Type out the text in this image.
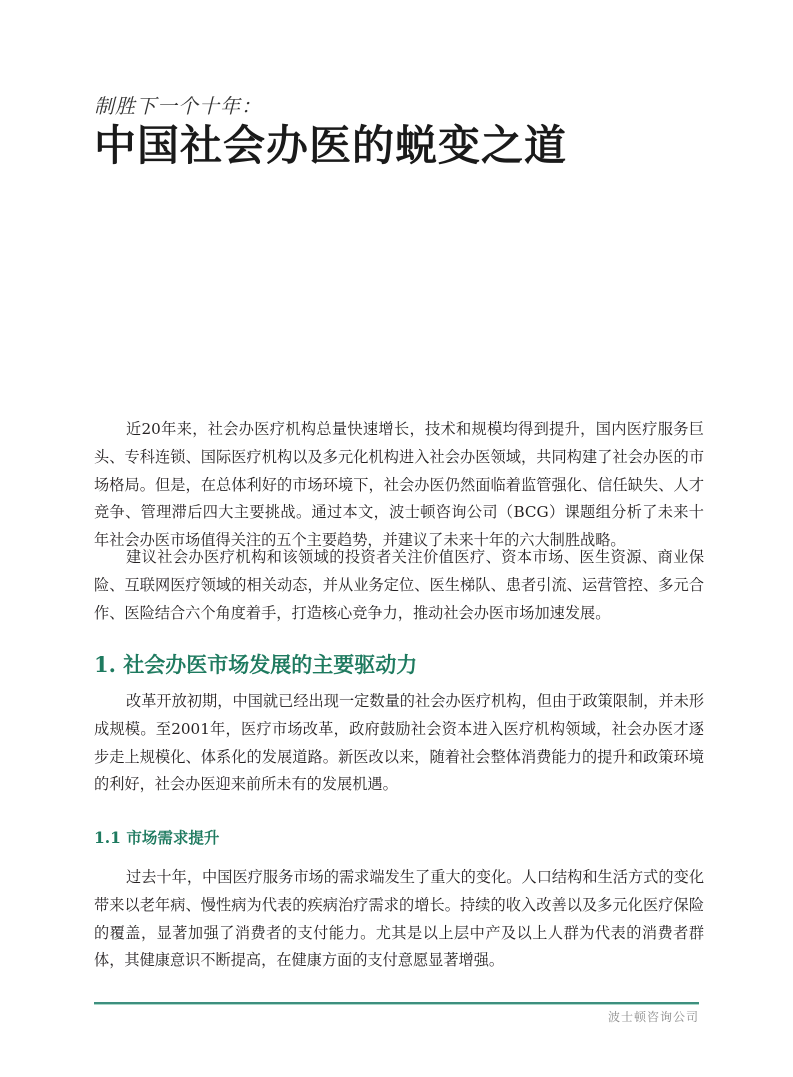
制胜下一个十年：
中国社会办医的蜕变之道

近20年来，社会办医疗机构总量快速增长，技术和规模均得到提升，国内医疗服务巨头、专科连锁、国际医疗机构以及多元化机构进入社会办医领域，共同构建了社会办医的市场格局。但是，在总体利好的市场环境下，社会办医仍然面临着监管强化、信任缺失、人才竞争、管理滞后四大主要挑战。通过本文，波士顿咨询公司（BCG）课题组分析了未来十年社会办医市场值得关注的五个主要趋势，并建议了未来十年的六大制胜战略。

建议社会办医疗机构和该领域的投资者关注价值医疗、资本市场、医生资源、商业保险、互联网医疗领域的相关动态，并从业务定位、医生梯队、患者引流、运营管控、多元合作、医险结合六个角度着手，打造核心竞争力，推动社会办医市场加速发展。

1. 社会办医市场发展的主要驱动力

改革开放初期，中国就已经出现一定数量的社会办医疗机构，但由于政策限制，并未形成规模。至2001年，医疗市场改革，政府鼓励社会资本进入医疗机构领域，社会办医才逐步走上规模化、体系化的发展道路。新医改以来，随着社会整体消费能力的提升和政策环境的利好，社会办医迎来前所未有的发展机遇。

1.1 市场需求提升

过去十年，中国医疗服务市场的需求端发生了重大的变化。人口结构和生活方式的变化带来以老年病、慢性病为代表的疾病治疗需求的增长。持续的收入改善以及多元化医疗保险的覆盖，显著加强了消费者的支付能力。尤其是以上层中产及以上人群为代表的消费者群体，其健康意识不断提高，在健康方面的支付意愿显著增强。

波士顿咨询公司
